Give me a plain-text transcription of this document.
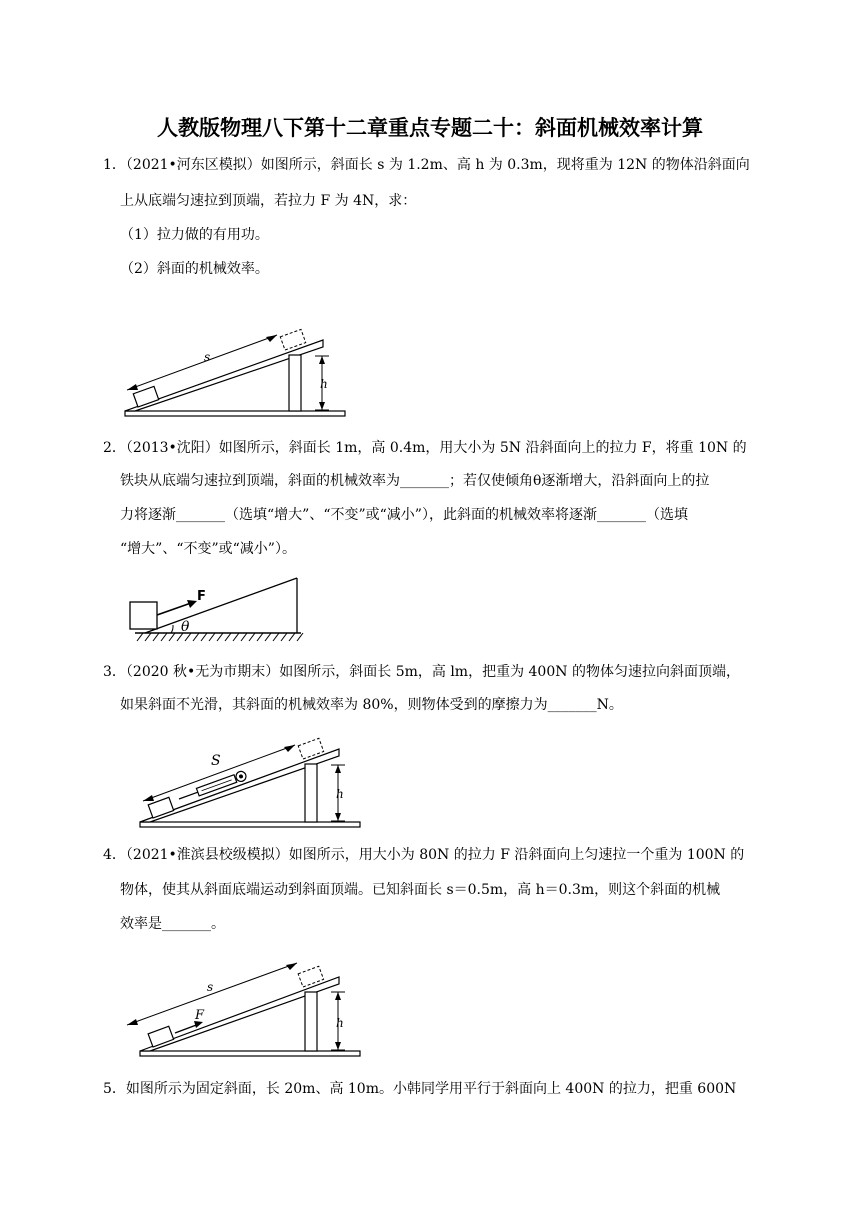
人教版物理八下第十二章重点专题二十：斜面机械效率计算
1．（2021•河东区模拟）如图所示，斜面长 s 为 1.2m、高 h 为 0.3m，现将重为 12N 的物体沿斜面向
上从底端匀速拉到顶端，若拉力 F 为 4N，求：
（1）拉力做的有用功。
（2）斜面的机械效率。
s
h
2．（2013•沈阳）如图所示，斜面长 1m，高 0.4m，用大小为 5N 沿斜面向上的拉力 F，将重 10N 的
铁块从底端匀速拉到顶端，斜面的机械效率为_______；若仅使倾角θ逐渐增大，沿斜面向上的拉
力将逐渐_______（选填“增大”、“不变”或“减小”），此斜面的机械效率将逐渐_______（选填
“增大”、“不变”或“减小”）。
F
θ
3．（2020 秋•无为市期末）如图所示，斜面长 5m，高 lm，把重为 400N 的物体匀速拉向斜面顶端，
如果斜面不光滑，其斜面的机械效率为 80%，则物体受到的摩擦力为_______N。
S
h
4．（2021•淮滨县校级模拟）如图所示，用大小为 80N 的拉力 F 沿斜面向上匀速拉一个重为 100N 的
物体，使其从斜面底端运动到斜面顶端。已知斜面长 s＝0.5m，高 h＝0.3m，则这个斜面的机械
效率是_______。
F
s
h
5．如图所示为固定斜面，长 20m、高 10m。小韩同学用平行于斜面向上 400N 的拉力，把重 600N
